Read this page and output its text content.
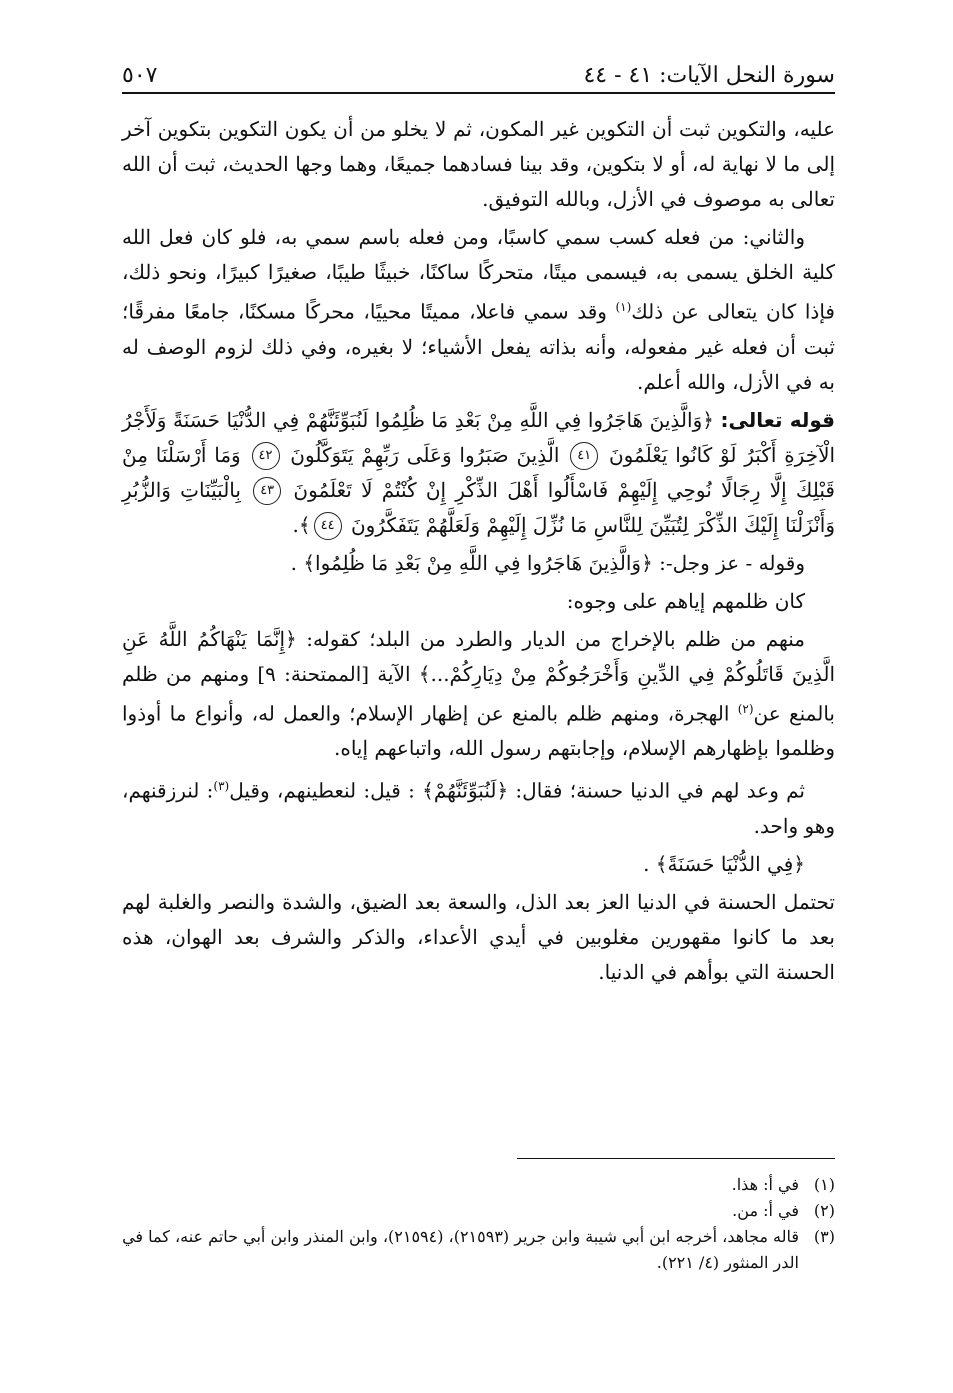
سورة النحل الآيات: ٤١ - ٤٤
٥٠٧

عليه، والتكوين ثبت أن التكوين غير المكون، ثم لا يخلو من أن يكون التكوين بتكوين آخر إلى ما لا نهاية له، أو لا بتكوين، وقد بينا فسادهما جميعًا، وهما وجها الحديث، ثبت أن الله تعالى به موصوف في الأزل، وبالله التوفيق.

والثاني: من فعله كسب سمي كاسبًا، ومن فعله باسم سمي به، فلو كان فعل الله كلية الخلق يسمى به، فيسمى ميتًا، متحركًا ساكنًا، خبيثًا طيبًا، صغيرًا كبيرًا، ونحو ذلك، فإذا كان يتعالى عن ذلك$^{(١)}$ وقد سمي فاعلا، مميتًا محييًا، محركًا مسكنًا، جامعًا مفرقًا؛ ثبت أن فعله غير مفعوله، وأنه بذاته يفعل الأشياء؛ لا بغيره، وفي ذلك لزوم الوصف له به في الأزل، والله أعلم.

قوله تعالى: ﴿وَالَّذِينَ هَاجَرُوا فِي اللَّهِ مِنْ بَعْدِ مَا ظُلِمُوا لَنُبَوِّئَنَّهُمْ فِي الدُّنْيَا حَسَنَةً وَلَأَجْرُ الْآخِرَةِ أَكْبَرُ لَوْ كَانُوا يَعْلَمُونَ ٤١ الَّذِينَ صَبَرُوا وَعَلَى رَبِّهِمْ يَتَوَكَّلُونَ ٤٢ وَمَا أَرْسَلْنَا مِنْ قَبْلِكَ إِلَّا رِجَالًا نُوحِي إِلَيْهِمْ فَاسْأَلُوا أَهْلَ الذِّكْرِ إِنْ كُنْتُمْ لَا تَعْلَمُونَ ٤٣ بِالْبَيِّنَاتِ وَالزُّبُرِ وَأَنْزَلْنَا إِلَيْكَ الذِّكْرَ لِتُبَيِّنَ لِلنَّاسِ مَا نُزِّلَ إِلَيْهِمْ وَلَعَلَّهُمْ يَتَفَكَّرُونَ ٤٤﴾.

وقوله - عز وجل-: ﴿وَالَّذِينَ هَاجَرُوا فِي اللَّهِ مِنْ بَعْدِ مَا ظُلِمُوا﴾ .

كان ظلمهم إياهم على وجوه:

منهم من ظلم بالإخراج من الديار والطرد من البلد؛ كقوله: ﴿إِنَّمَا يَنْهَاكُمُ اللَّهُ عَنِ الَّذِينَ قَاتَلُوكُمْ فِي الدِّينِ وَأَخْرَجُوكُمْ مِنْ دِيَارِكُمْ...﴾ الآية [الممتحنة: ٩] ومنهم من ظلم بالمنع عن$^{(٢)}$ الهجرة، ومنهم ظلم بالمنع عن إظهار الإسلام؛ والعمل له، وأنواع ما أوذوا وظلموا بإظهارهم الإسلام، وإجابتهم رسول الله، واتباعهم إياه.

ثم وعد لهم في الدنيا حسنة؛ فقال: ﴿لَنُبَوِّئَنَّهُمْ﴾ : قيل: لنعطينهم، وقيل$^{(٣)}$: لنرزقنهم، وهو واحد.

﴿فِي الدُّنْيَا حَسَنَةً﴾ .

تحتمل الحسنة في الدنيا العز بعد الذل، والسعة بعد الضيق، والشدة والنصر والغلبة لهم بعد ما كانوا مقهورين مغلوبين في أيدي الأعداء، والذكر والشرف بعد الهوان، هذه الحسنة التي بوأهم في الدنيا.

(١)
في أ: هذا.
(٢)
في أ: من.
(٣)
قاله مجاهد، أخرجه ابن أبي شيبة وابن جرير (٢١٥٩٣)، (٢١٥٩٤)، وابن المنذر وابن أبي حاتم عنه، كما في الدر المنثور (٤/ ٢٢١).
